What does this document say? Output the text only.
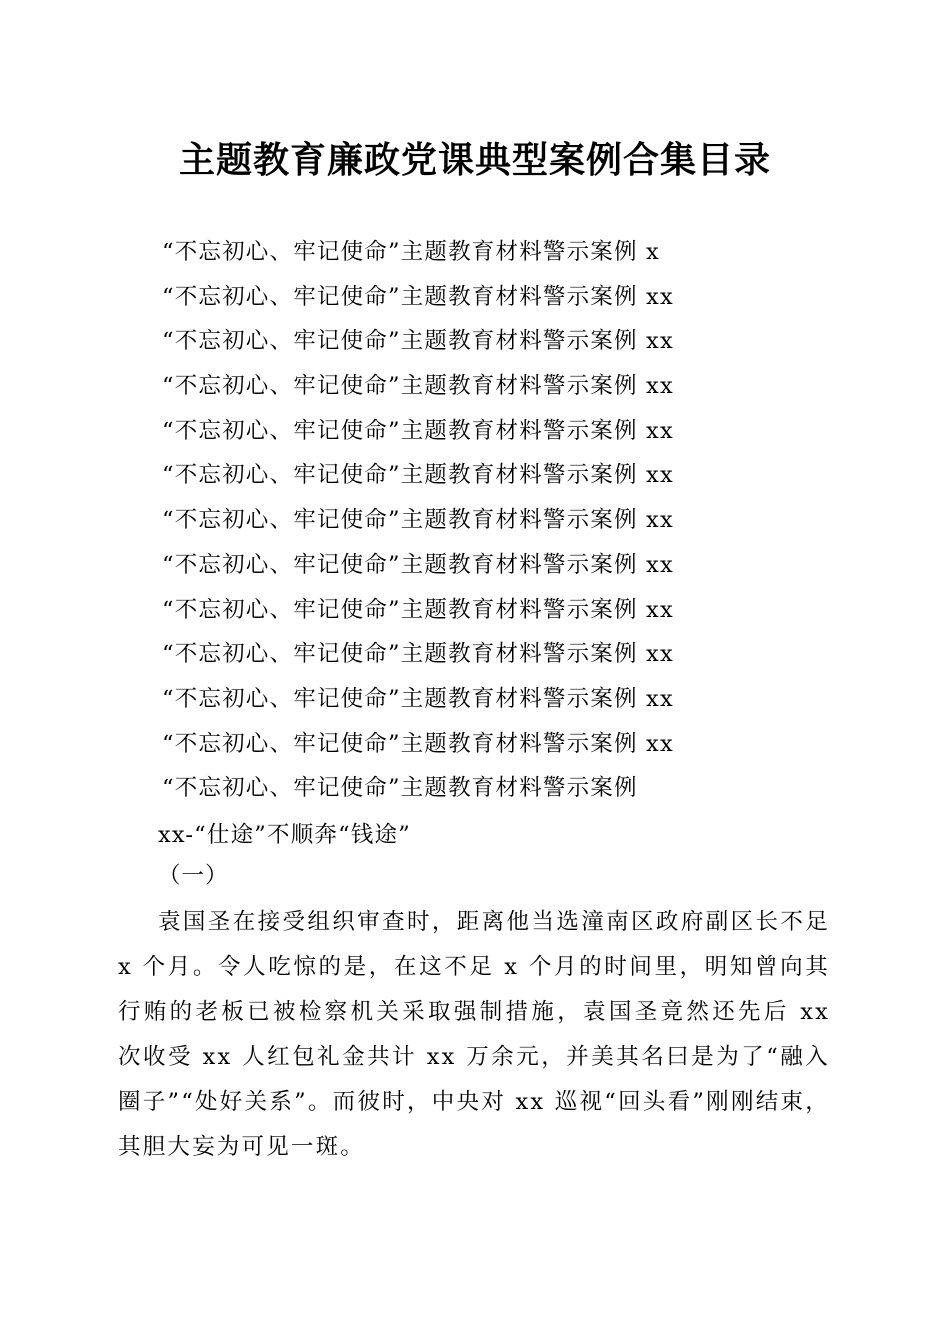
主题教育廉政党课典型案例合集目录
“不忘初心、牢记使命”主题教育材料警示案例 x
“不忘初心、牢记使命”主题教育材料警示案例 xx
“不忘初心、牢记使命”主题教育材料警示案例 xx
“不忘初心、牢记使命”主题教育材料警示案例 xx
“不忘初心、牢记使命”主题教育材料警示案例 xx
“不忘初心、牢记使命”主题教育材料警示案例 xx
“不忘初心、牢记使命”主题教育材料警示案例 xx
“不忘初心、牢记使命”主题教育材料警示案例 xx
“不忘初心、牢记使命”主题教育材料警示案例 xx
“不忘初心、牢记使命”主题教育材料警示案例 xx
“不忘初心、牢记使命”主题教育材料警示案例 xx
“不忘初心、牢记使命”主题教育材料警示案例 xx
“不忘初心、牢记使命”主题教育材料警示案例
xx-“仕途”不顺奔“钱途”
（一）

袁国圣在接受组织审查时，距离他当选潼南区政府副区长不足 x 个月。令人吃惊的是，在这不足 x 个月的时间里，明知曾向其行贿的老板已被检察机关采取强制措施，袁国圣竟然还先后 xx 次收受 xx 人红包礼金共计 xx 万余元，并美其名曰是为了“融入圈子”“处好关系”。而彼时，中央对 xx 巡视“回头看”刚刚结束，其胆大妄为可见一斑。
